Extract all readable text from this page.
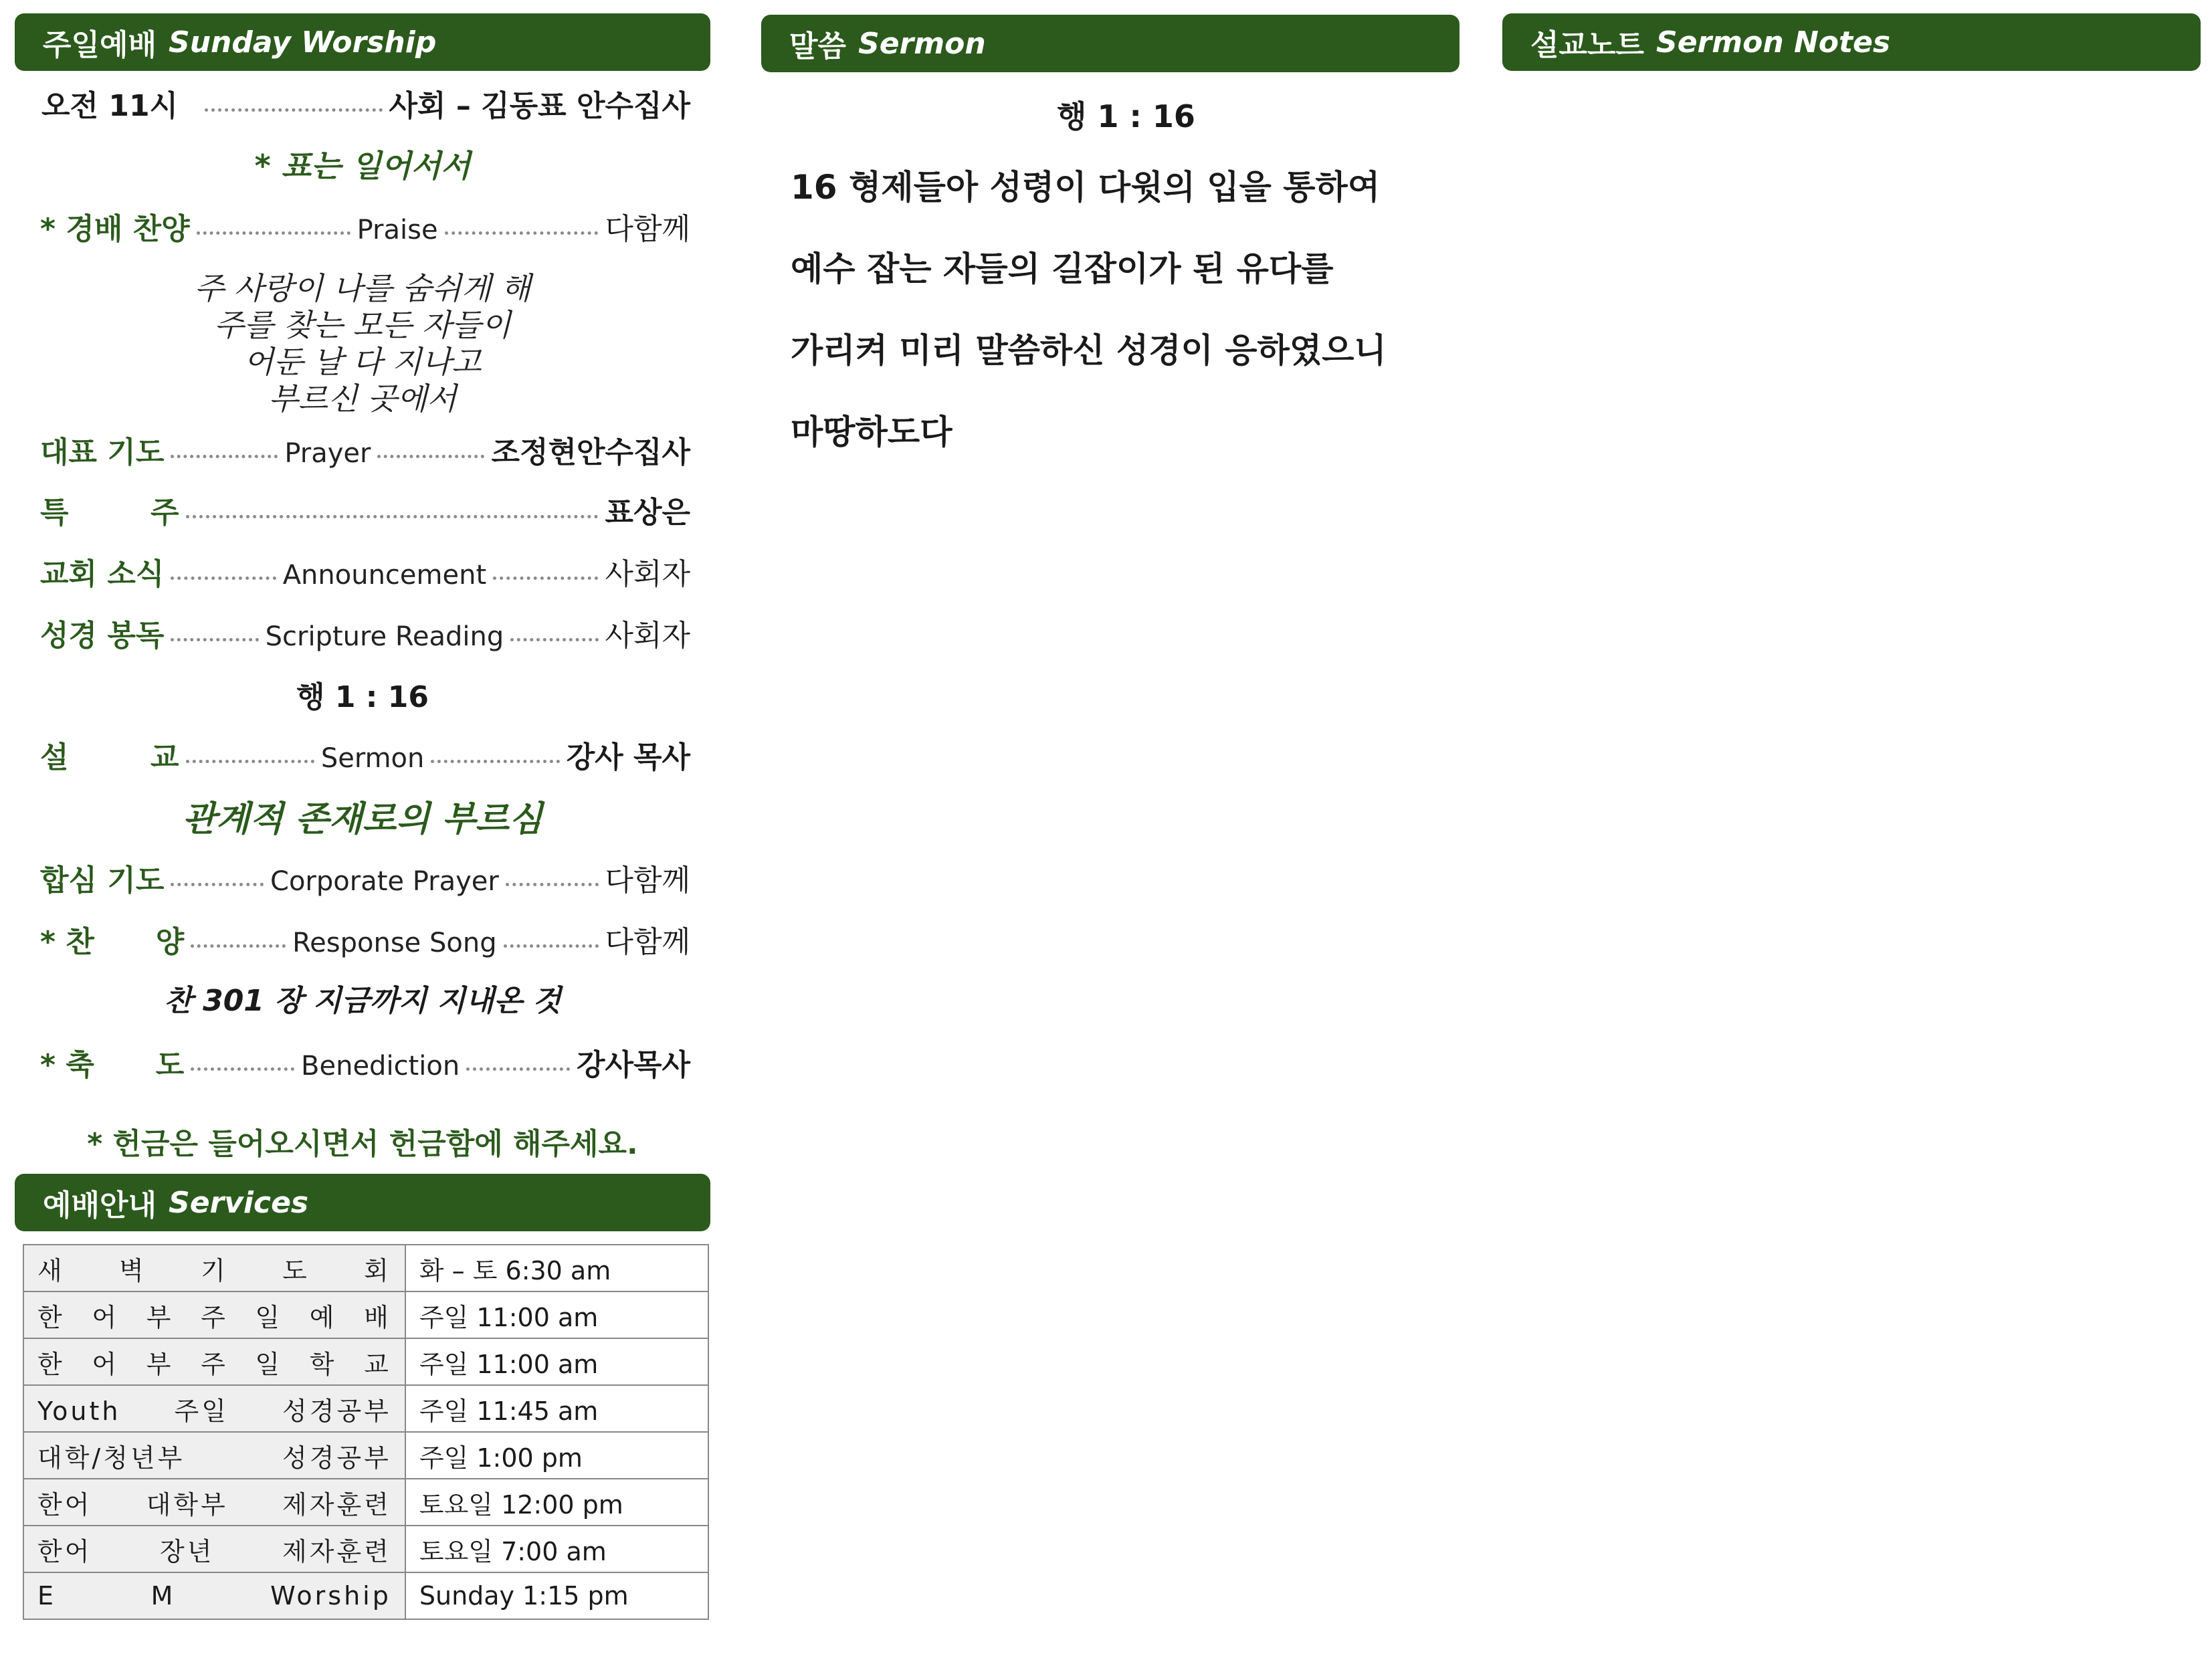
주일예배 Sunday Worship	말씀 Sermon	설교노트 Sermon Notes
오전 11시	사회 – 김동표 안수집사
* 표는 일어서서
* 경배 찬양	Praise	다함께
주 사랑이 나를 숨쉬게 해
주를 찾는 모든 자들이
어둔 날 다 지나고
부르신 곳에서
대표 기도	Prayer	조정현안수집사
특        주	표상은
교회 소식	Announcement	사회자
성경 봉독	Scripture Reading	사회자
행 1 : 16
설        교	Sermon	강사 목사
관계적 존재로의 부르심
합심 기도	Corporate Prayer	다함께
* 찬      양	Response Song	다함께
찬 301 장 지금까지 지내온 것
* 축      도	Benediction	강사목사
* 헌금은 들어오시면서 헌금함에 해주세요.
예배안내 Services
새 벽 기 도 회	화 – 토 6:30 am
한 어 부 주 일 예 배	주일 11:00 am
한 어 부 주 일 학 교	주일 11:00 am
Youth 주일 성경공부	주일 11:45 am
대학/청년부 성경공부	주일 1:00 pm
한어 대학부 제자훈련	토요일 12:00 pm
한어 장년 제자훈련	토요일 7:00 am
E M Worship	Sunday 1:15 pm
행 1 : 16
16 형제들아 성령이 다윗의 입을 통하여
예수 잡는 자들의 길잡이가 된 유다를
가리켜 미리 말씀하신 성경이 응하였으니
마땅하도다
